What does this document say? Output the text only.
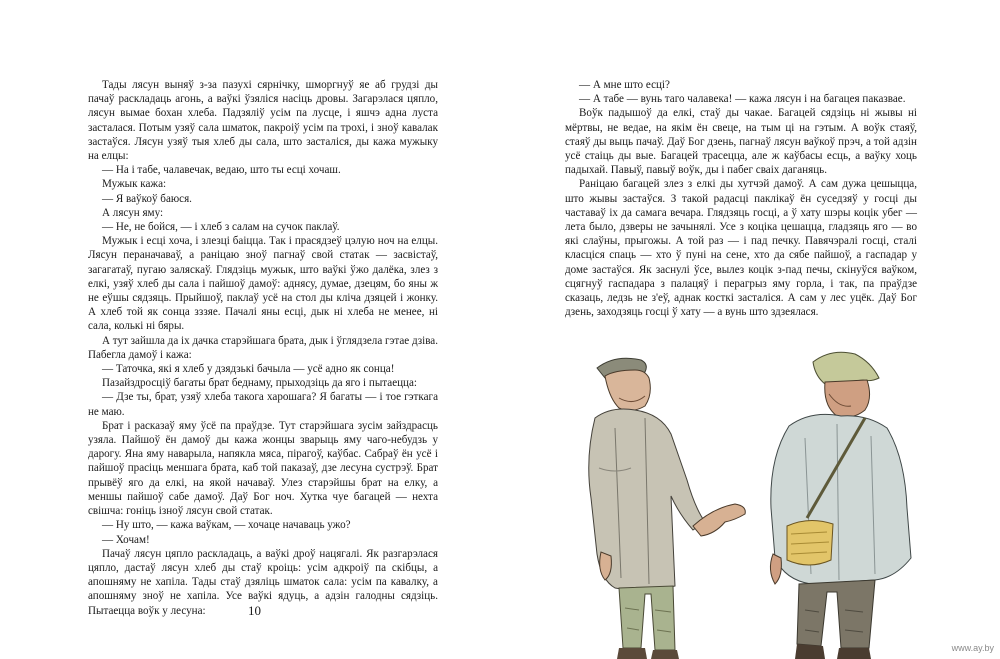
Тады лясун выняў з-за пазухі сярнічку, шморгнуў яе аб грудзі ды пачаў раскладаць агонь, а ваўкі ўзяліся насіць дровы. Загарэлася цяпло, лясун вымае бохан хлеба. Падзяліў усім па лусце, і яшчэ адна луста засталася. Потым узяў сала шматок, пакроіў усім па трохі, і зноў кавалак застаўся. Лясун узяў тыя хлеб ды сала, што засталіся, ды кажа мужыку на елцы:

— На і табе, чалавечак, ведаю, што ты есці хочаш.

Мужык кажа:

— Я ваўкоў баюся.

А лясун яму:

— Не, не бойся, — і хлеб з салам на сучок паклаў.

Мужык і есці хоча, і злезці баіцца. Так і прасядзеў цэлую ноч на елцы. Лясун пераначаваў, а раніцаю зноў пагнаў свой статак — засвістаў, загагатаў, пугаю заляскаў. Глядзіць мужык, што ваўкі ўжо далёка, злез з елкі, узяў хлеб ды сала і пайшоў дамоў: аднясу, думае, дзецям, бо яны ж не еўшы сядзяць. Прыйшоў, паклаў усё на стол ды кліча дзяцей і жонку. А хлеб той як сонца зззяе. Пачалі яны есці, дык ні хлеба не менее, ні сала, колькі ні бяры.

А тут зайшла да іх дачка старэйшага брата, дык і ўглядзела гэтае дзіва. Пабегла дамоў і кажа:

— Таточка, які я хлеб у дзядзькі бачыла — усё адно як сонца!

Пазайздросціў багаты брат беднаму, прыходзіць да яго і пытаецца:

— Дзе ты, брат, узяў хлеба такога харошага? Я багаты — і тое гэткага не маю.

Брат і расказаў яму ўсё па праўдзе. Тут старэйшага зусім зайздрасць узяла. Пайшоў ён дамоў ды кажа жонцы зварыць яму чаго-небудзь у дарогу. Яна яму наварыла, напякла мяса, пірагоў, каўбас. Сабраў ён усё і пайшоў прасіць меншага брата, каб той паказаў, дзе лесуна сустрэў. Брат прывёў яго да елкі, на якой начаваў. Улез старэйшы брат на елку, а меншы пайшоў сабе дамоў. Даў Бог ноч. Хутка чуе багацей — нехта свішча: гоніць ізноў лясун свой статак.

— Ну што, — кажа ваўкам, — хочаце начаваць ужо?

— Хочам!

Пачаў лясун цяпло раскладаць, а ваўкі дроў нацягалі. Як разгарэлася цяпло, дастаў лясун хлеб ды стаў кроіць: усім адкроіў па скібцы, а апошняму не хапіла. Тады стаў дзяліць шматок сала: усім па кавалку, а апошняму зноў не хапіла. Усе ваўкі ядуць, а адзін галодны сядзіць. Пытаецца воўк у лесуна:	10

— А мне што есці?

— А табе — вунь таго чалавека! — кажа лясун і на багацея паказвае.

Воўк падышоў да елкі, стаў ды чакае. Багацей сядзіць ні жывы ні мёртвы, не ведае, на якім ён свеце, на тым ці на гэтым. А воўк стаяў, стаяў ды выць пачаў. Даў Бог дзень, пагнаў лясун ваўкоў прэч, а той адзін усё стаіць ды вые. Багацей трасецца, але ж каўбасы есць, а ваўку хоць падыхай. Павыў, павыў воўк, ды і пабег сваіх даганяць.

Раніцаю багацей злез з елкі ды хутчэй дамоў. А сам дужа цешыцца, што жывы застаўся. З такой радасці паклікаў ён суседзяў у госці ды частаваў іх да самага вечара. Глядзяць госці, а ў хату шэры коцік убег — лета было, дзверы не зачынялі. Усе з коціка цешацца, гладзяць яго — во які слаўны, прыгожы. А той раз — і пад печку. Павячэралі госці, сталі класціся спаць — хто ў пуні на сене, хто да сябе пайшоў, а гаспадар у доме застаўся. Як заснулі ўсе, вылез коцік з-пад печы, скінуўся ваўком, сцягнуў гаспадара з палацяў і перагрыз яму горла, і так, па праўдзе сказаць, ледзь не з'еў, аднак косткі засталіся. А сам у лес уцёк. Даў Бог дзень, заходзяць госці ў хату — а вунь што здзеялася.

www.ay.by
